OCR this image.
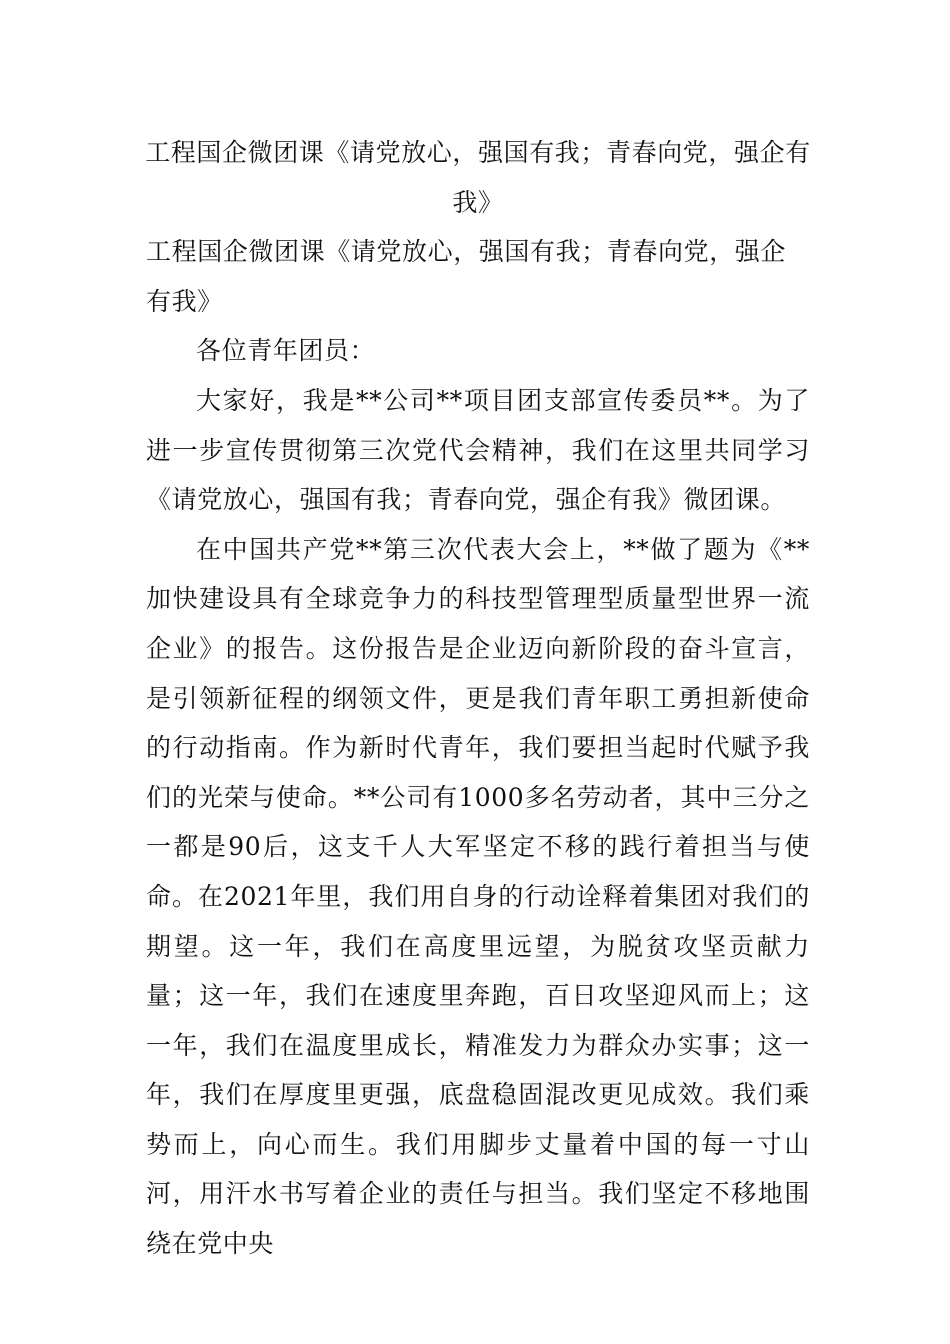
工程国企微团课《请党放心，强国有我；青春向党，强企有我》

工程国企微团课《请党放心，强国有我；青春向党，强企有我》

各位青年团员：

大家好，我是**公司**项目团支部宣传委员**。为了进一步宣传贯彻第三次党代会精神，我们在这里共同学习《请党放心，强国有我；青春向党，强企有我》微团课。

在中国共产党**第三次代表大会上，**做了题为《**加快建设具有全球竞争力的科技型管理型质量型世界一流企业》的报告。这份报告是企业迈向新阶段的奋斗宣言，是引领新征程的纲领文件，更是我们青年职工勇担新使命的行动指南。作为新时代青年，我们要担当起时代赋予我们的光荣与使命。**公司有1000多名劳动者，其中三分之一都是90后，这支千人大军坚定不移的践行着担当与使命。在2021年里，我们用自身的行动诠释着集团对我们的期望。这一年，我们在高度里远望，为脱贫攻坚贡献力量；这一年，我们在速度里奔跑，百日攻坚迎风而上；这一年，我们在温度里成长，精准发力为群众办实事；这一年，我们在厚度里更强，底盘稳固混改更见成效。我们乘势而上，向心而生。我们用脚步丈量着中国的每一寸山河，用汗水书写着企业的责任与担当。我们坚定不移地围绕在党中央
